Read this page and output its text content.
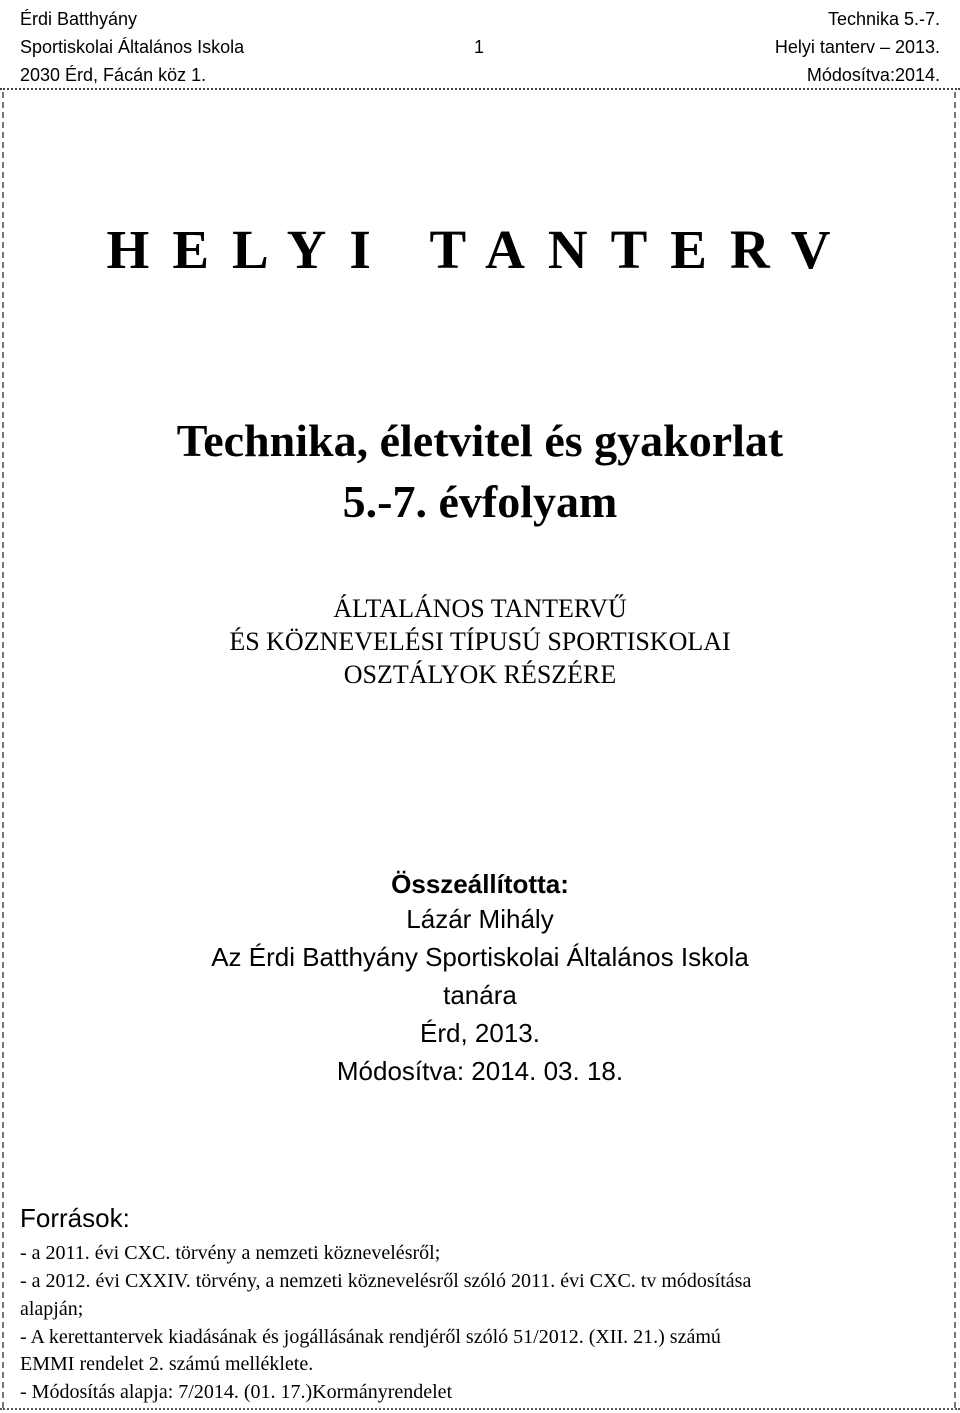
Érdi Batthyány
Sportiskolai Általános Iskola
2030 Érd, Fácán köz 1.
1
Technika 5.-7.
Helyi tanterv – 2013.
Módosítva:2014.
HELYI TANTERV
Technika, életvitel és gyakorlat
5.-7. évfolyam
ÁLTALÁNOS TANTERVŰ
ÉS KÖZNEVELÉSI TÍPUSÚ SPORTISKOLAI
OSZTÁLYOK RÉSZÉRE
Összeállította:
Lázár Mihály
Az Érdi Batthyány Sportiskolai Általános Iskola
tanára
Érd, 2013.
Módosítva: 2014. 03. 18.
Források:
- a 2011. évi CXC. törvény a nemzeti köznevelésről;
- a 2012. évi CXXIV. törvény, a nemzeti köznevelésről szóló 2011. évi CXC. tv módosítása
alapján;
- A kerettantervek kiadásának és jogállásának rendjéről szóló 51/2012. (XII. 21.) számú
EMMI rendelet 2. számú melléklete.
- Módosítás alapja: 7/2014. (01. 17.)Kormányrendelet
